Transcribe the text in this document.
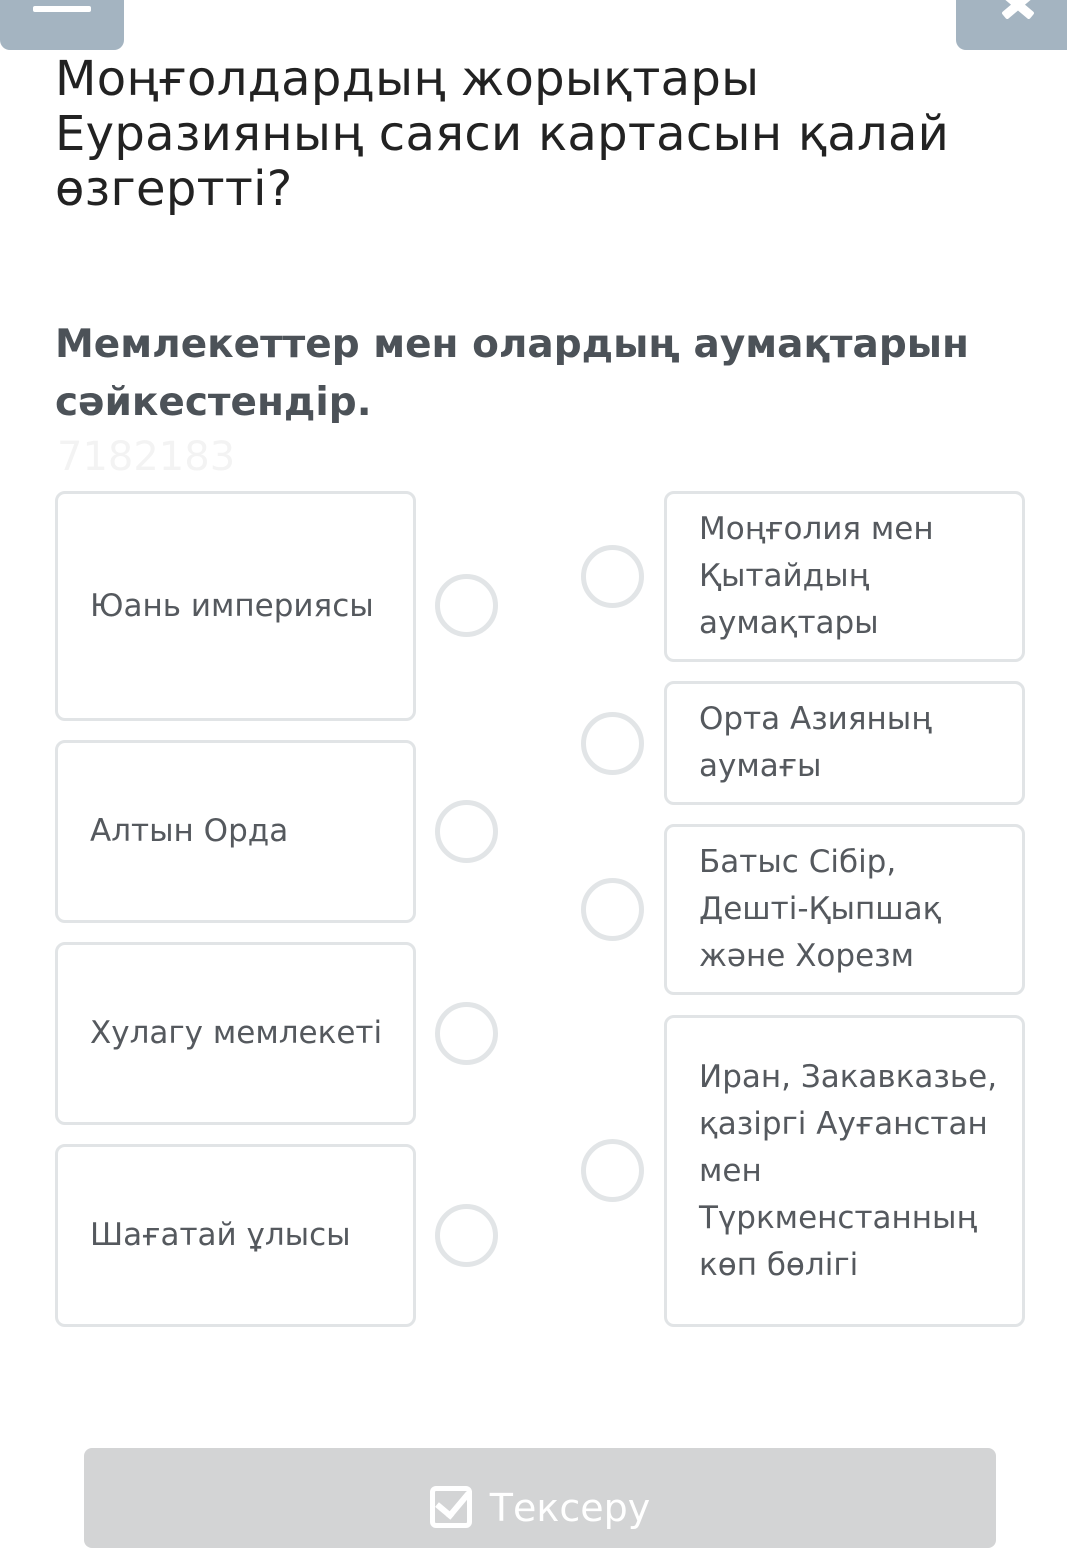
Моңғолдардың жорықтары Еуразияның саяси картасын қалай өзгертті?
Мемлекеттер мен олардың аумақтарын сәйкестендір.
7182183
Юань империясы
Алтын Орда
Хулагу мемлекеті
Шағатай ұлысы
Моңғолия мен Қытайдың аумақтары
Орта Азияның аумағы
Батыс Сібір, Дешті-Қыпшақ және Хорезм
Иран, Закавказье, қазіргі Ауғанстан мен Түркменстанның көп бөлігі
Тексеру
